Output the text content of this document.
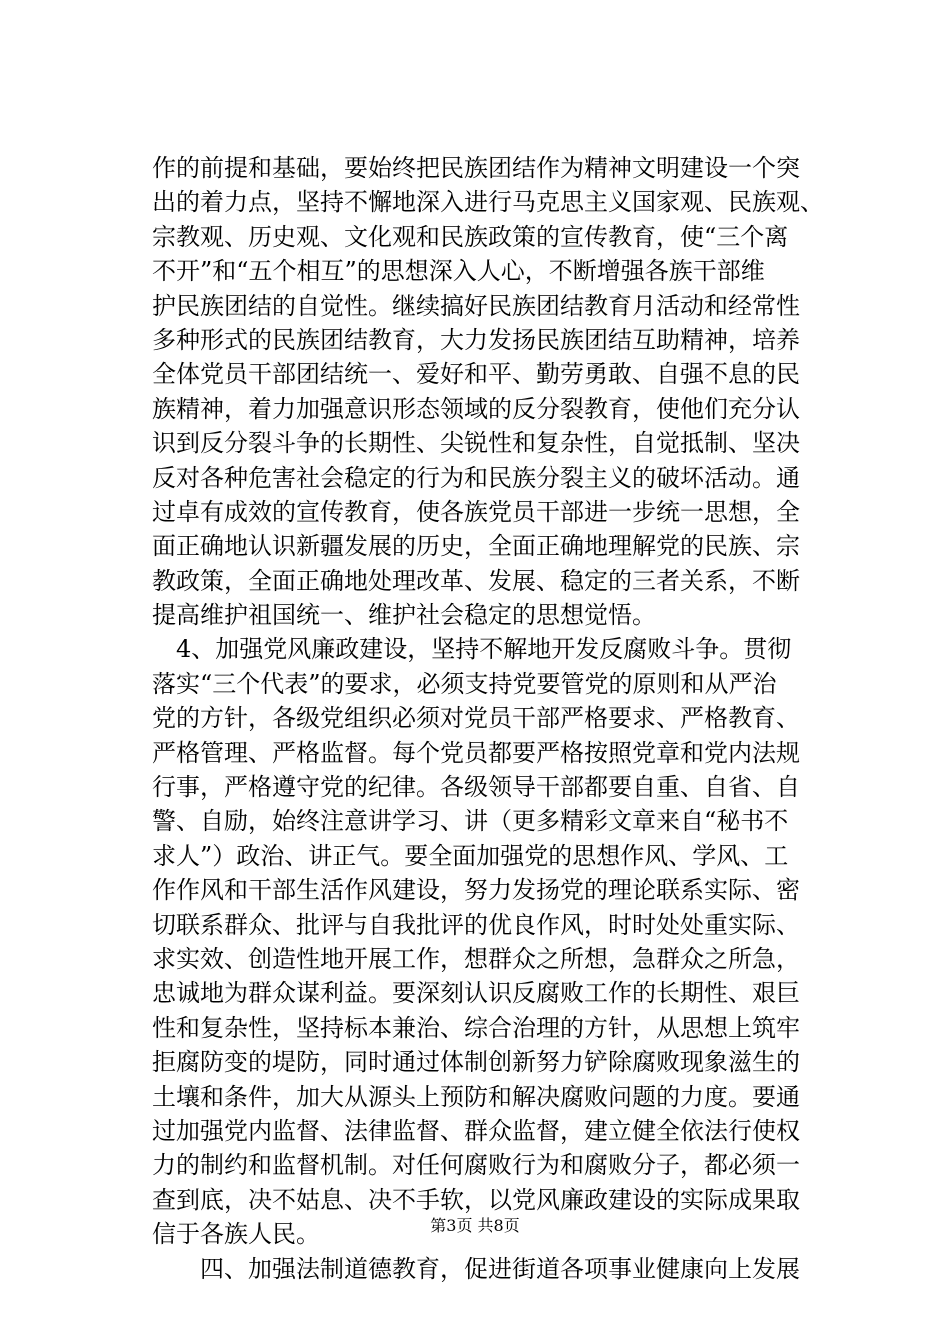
作的前提和基础，要始终把民族团结作为精神文明建设一个突
出的着力点，坚持不懈地深入进行马克思主义国家观、民族观、
宗教观、历史观、文化观和民族政策的宣传教育，使“三个离
不开”和“五个相互”的思想深入人心，不断增强各族干部维
护民族团结的自觉性。继续搞好民族团结教育月活动和经常性
多种形式的民族团结教育，大力发扬民族团结互助精神，培养
全体党员干部团结统一、爱好和平、勤劳勇敢、自强不息的民
族精神，着力加强意识形态领域的反分裂教育，使他们充分认
识到反分裂斗争的长期性、尖锐性和复杂性，自觉抵制、坚决
反对各种危害社会稳定的行为和民族分裂主义的破坏活动。通
过卓有成效的宣传教育，使各族党员干部进一步统一思想，全
面正确地认识新疆发展的历史，全面正确地理解党的民族、宗
教政策，全面正确地处理改革、发展、稳定的三者关系，不断
提高维护祖国统一、维护社会稳定的思想觉悟。
　4、加强党风廉政建设，坚持不解地开发反腐败斗争。贯彻
落实“三个代表”的要求，必须支持党要管党的原则和从严治
党的方针，各级党组织必须对党员干部严格要求、严格教育、
严格管理、严格监督。每个党员都要严格按照党章和党内法规
行事，严格遵守党的纪律。各级领导干部都要自重、自省、自
警、自励，始终注意讲学习、讲（更多精彩文章来自“秘书不
求人”）政治、讲正气。要全面加强党的思想作风、学风、工
作作风和干部生活作风建设，努力发扬党的理论联系实际、密
切联系群众、批评与自我批评的优良作风，时时处处重实际、
求实效、创造性地开展工作，想群众之所想，急群众之所急，
忠诚地为群众谋利益。要深刻认识反腐败工作的长期性、艰巨
性和复杂性，坚持标本兼治、综合治理的方针，从思想上筑牢
拒腐防变的堤防，同时通过体制创新努力铲除腐败现象滋生的
土壤和条件，加大从源头上预防和解决腐败问题的力度。要通
过加强党内监督、法律监督、群众监督，建立健全依法行使权
力的制约和监督机制。对任何腐败行为和腐败分子，都必须一
查到底，决不姑息、决不手软，以党风廉政建设的实际成果取
信于各族人民。
　　四、加强法制道德教育，促进街道各项事业健康向上发展
第3页 共8页
